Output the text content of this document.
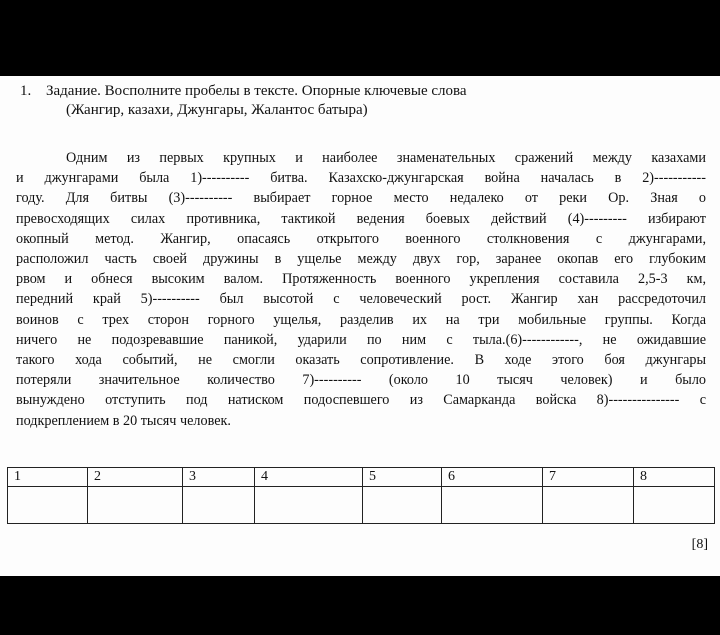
1. Задание. Восполните пробелы в тексте. Опорные ключевые слова
(Жангир, казахи, Джунгары, Жалантос батыра)
Одним из первых крупных и наиболее знаменательных сражений между казахами
и джунгарами была 1)---------- битва. Казахско-джунгарская война началась в 2)-----------
году. Для битвы (3)---------- выбирает горное место недалеко от реки Ор. Зная о
превосходящих силах противника, тактикой ведения боевых действий (4)--------- избирают
окопный метод. Жангир, опасаясь открытого военного столкновения с джунгарами,
расположил часть своей дружины в ущелье между двух гор, заранее окопав его глубоким
рвом и обнеся высоким валом. Протяженность военного укрепления составила 2,5-3 км,
передний край 5)---------- был высотой с человеческий рост. Жангир хан рассредоточил
воинов с трех сторон горного ущелья, разделив их на три мобильные группы. Когда
ничего не подозревавшие паникой, ударили по ним с тыла.(6)------------, не ожидавшие
такого хода событий, не смогли оказать сопротивление. В ходе этого боя джунгары
потеряли значительное количество 7)---------- (около 10 тысяч человек) и было
вынуждено отступить под натиском подоспевшего из Самарканда войска 8)--------------- с
подкреплением в 20 тысяч человек.
1	2	3	4	5	6	7	8

[8]
